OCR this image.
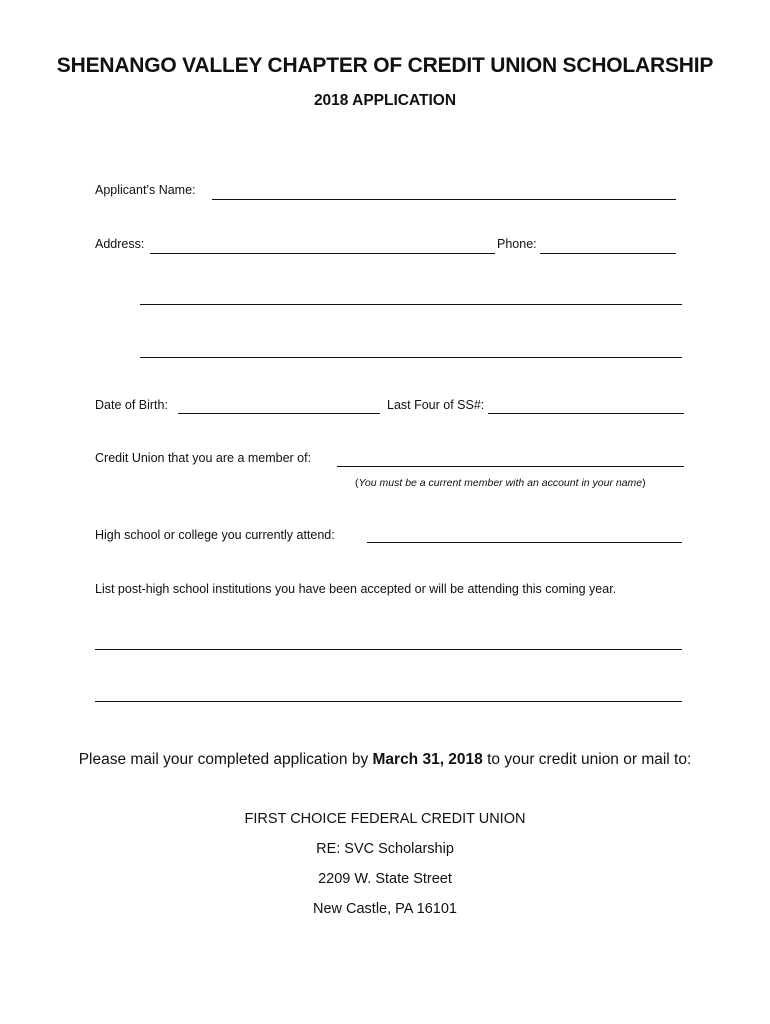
SHENANGO VALLEY CHAPTER OF CREDIT UNION SCHOLARSHIP
2018 APPLICATION
Applicant’s Name:
Address:	Phone:
Date of Birth:	Last Four of SS#:
Credit Union that you are a member of:
(You must be a current member with an account in your name)
High school or college you currently attend:
List post-high school institutions you have been accepted or will be attending this coming year.
Please mail your completed application by March 31, 2018 to your credit union or mail to:
FIRST CHOICE FEDERAL CREDIT UNION
RE: SVC Scholarship
2209 W. State Street
New Castle, PA 16101
